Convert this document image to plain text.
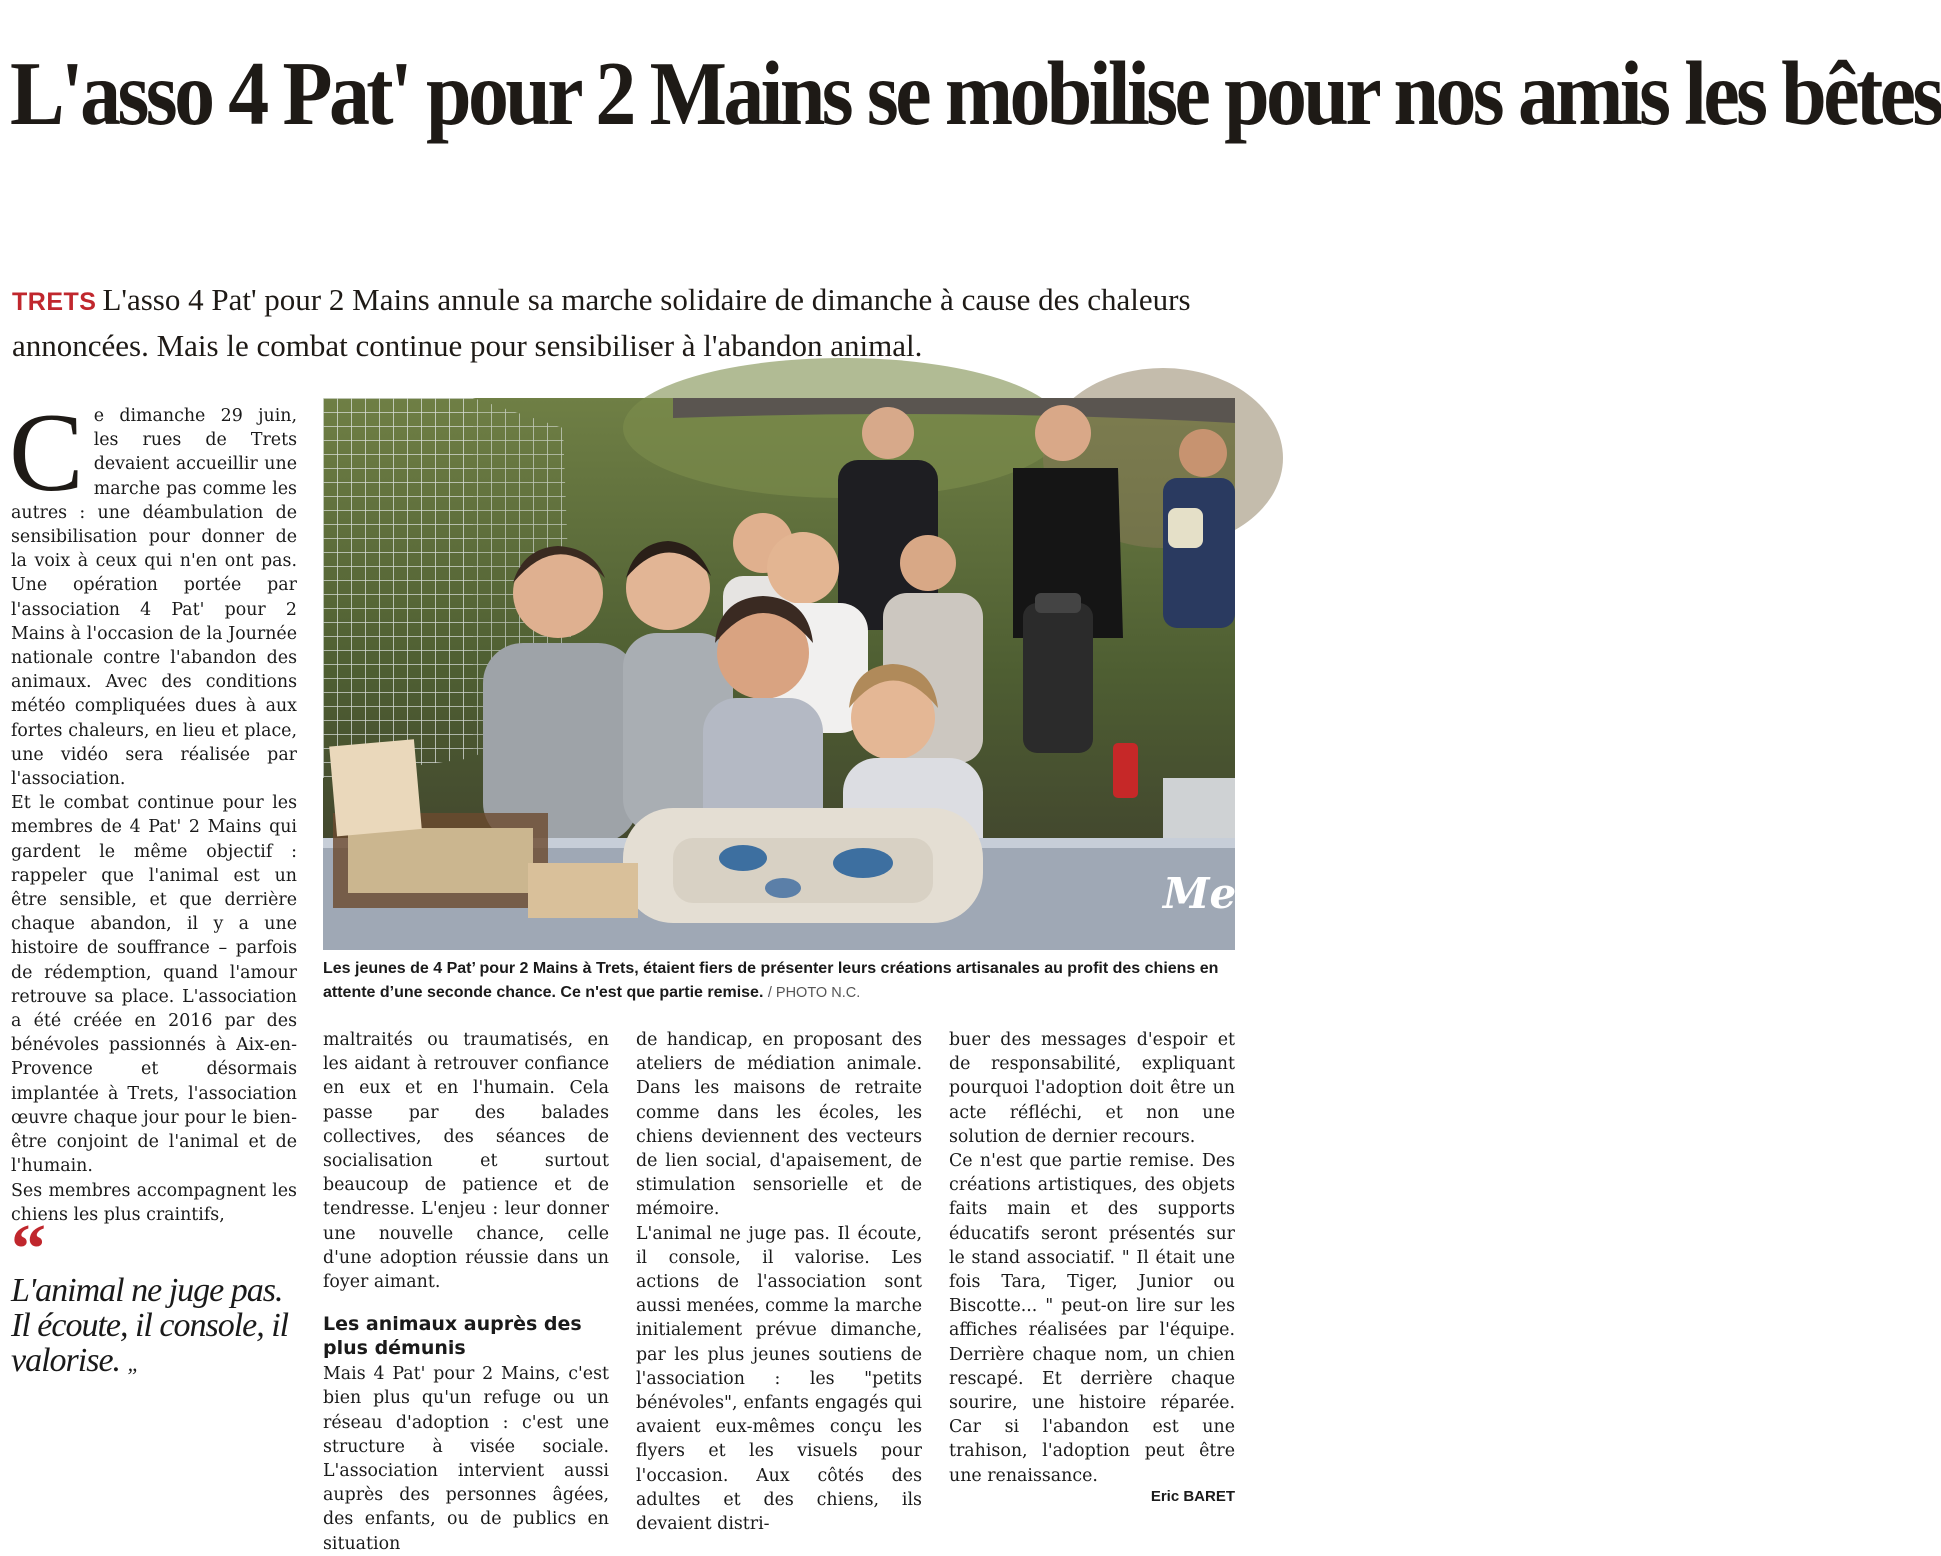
L'asso 4 Pat' pour 2 Mains se mobilise pour nos amis les bêtes

TRETS L'asso 4 Pat' pour 2 Mains annule sa marche solidaire de dimanche à cause des chaleurs annoncées. Mais le combat continue pour sensibiliser à l'abandon animal.

C e dimanche 29 juin, les rues de Trets devaient accueillir une marche pas comme les autres : une déambulation de sensibilisation pour donner de la voix à ceux qui n'en ont pas. Une opération portée par l'association 4 Pat' pour 2 Mains à l'occasion de la Journée nationale contre l'abandon des animaux. Avec des conditions météo compliquées dues à aux fortes chaleurs, en lieu et place, une vidéo sera réalisée par l'association.

Et le combat continue pour les membres de 4 Pat' 2 Mains qui gardent le même objectif : rappeler que l'animal est un être sensible, et que derrière chaque abandon, il y a une histoire de souffrance – parfois de rédemption, quand l'amour retrouve sa place. L'association a été créée en 2016 par des bénévoles passionnés à Aix-en-Provence et désormais implantée à Trets, l'association œuvre chaque jour pour le bien-être conjoint de l'animal et de l'humain.

Ses membres accompagnent les chiens les plus craintifs,

“

L'animal ne juge pas. Il écoute, il console, il valorise. „

Merci

Les jeunes de 4 Pat’ pour 2 Mains à Trets, étaient fiers de présenter leurs créations artisanales au profit des chiens en attente d’une seconde chance. Ce n'est que partie remise. / PHOTO N.C.

maltraités ou traumatisés, en les aidant à retrouver confiance en eux et en l'humain. Cela passe par des balades collectives, des séances de socialisation et surtout beaucoup de patience et de tendresse. L'enjeu : leur donner une nouvelle chance, celle d'une adoption réussie dans un foyer aimant.

Les animaux auprès des plus démunis

Mais 4 Pat' pour 2 Mains, c'est bien plus qu'un refuge ou un réseau d'adoption : c'est une structure à visée sociale. L'association intervient aussi auprès des personnes âgées, des enfants, ou de publics en situation

de handicap, en proposant des ateliers de médiation animale. Dans les maisons de retraite comme dans les écoles, les chiens deviennent des vecteurs de lien social, d'apaisement, de stimulation sensorielle et de mémoire.

L'animal ne juge pas. Il écoute, il console, il valorise. Les actions de l'association sont aussi menées, comme la marche initialement prévue dimanche, par les plus jeunes soutiens de l'association : les "petits bénévoles", enfants engagés qui avaient eux-mêmes conçu les flyers et les visuels pour l'occasion. Aux côtés des adultes et des chiens, ils devaient distri-

buer des messages d'espoir et de responsabilité, expliquant pourquoi l'adoption doit être un acte réfléchi, et non une solution de dernier recours.

Ce n'est que partie remise. Des créations artistiques, des objets faits main et des supports éducatifs seront présentés sur le stand associatif. " Il était une fois Tara, Tiger, Junior ou Biscotte... " peut-on lire sur les affiches réalisées par l'équipe. Derrière chaque nom, un chien rescapé. Et derrière chaque sourire, une histoire réparée. Car si l'abandon est une trahison, l'adoption peut être une renaissance.

Eric BARET
